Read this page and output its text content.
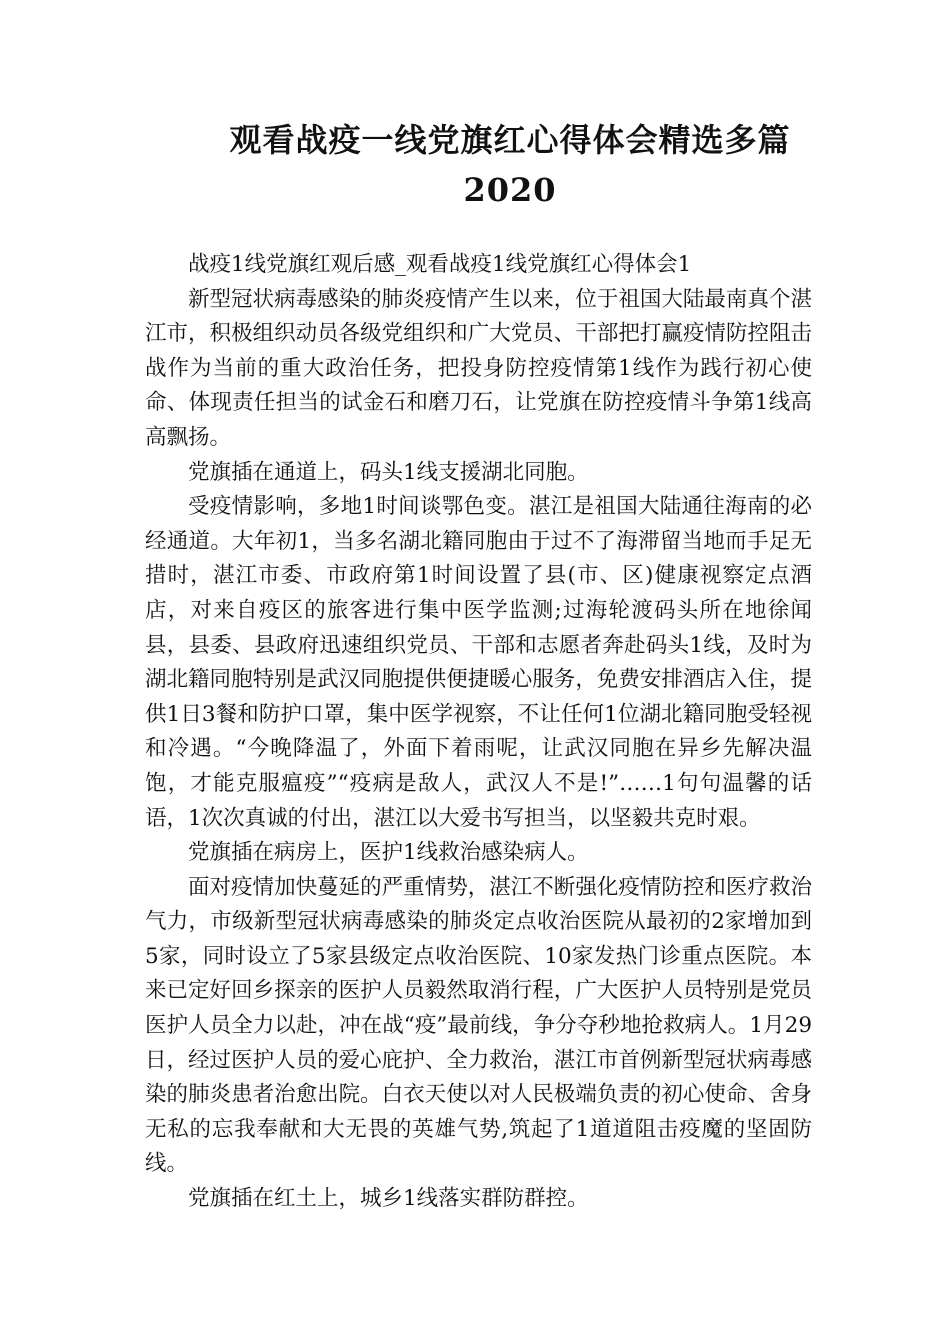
观看战疫一线党旗红心得体会精选多篇
2020

战疫1线党旗红观后感_观看战疫1线党旗红心得体会1

新型冠状病毒感染的肺炎疫情产生以来，位于祖国大陆最南真个湛江市，积极组织动员各级党组织和广大党员、干部把打赢疫情防控阻击战作为当前的重大政治任务，把投身防控疫情第1线作为践行初心使命、体现责任担当的试金石和磨刀石，让党旗在防控疫情斗争第1线高高飘扬。

党旗插在通道上，码头1线支援湖北同胞。

受疫情影响，多地1时间谈鄂色变。湛江是祖国大陆通往海南的必经通道。大年初1，当多名湖北籍同胞由于过不了海滞留当地而手足无措时，湛江市委、市政府第1时间设置了县(市、区)健康视察定点酒店，对来自疫区的旅客进行集中医学监测;过海轮渡码头所在地徐闻县，县委、县政府迅速组织党员、干部和志愿者奔赴码头1线，及时为湖北籍同胞特别是武汉同胞提供便捷暖心服务，免费安排酒店入住，提供1日3餐和防护口罩，集中医学视察，不让任何1位湖北籍同胞受轻视和冷遇。“今晚降温了，外面下着雨呢，让武汉同胞在异乡先解决温饱，才能克服瘟疫”“疫病是敌人，武汉人不是!”……1句句温馨的话语，1次次真诚的付出，湛江以大爱书写担当，以坚毅共克时艰。

党旗插在病房上，医护1线救治感染病人。

面对疫情加快蔓延的严重情势，湛江不断强化疫情防控和医疗救治气力，市级新型冠状病毒感染的肺炎定点收治医院从最初的2家增加到5家，同时设立了5家县级定点收治医院、10家发热门诊重点医院。本来已定好回乡探亲的医护人员毅然取消行程，广大医护人员特别是党员医护人员全力以赴，冲在战“疫”最前线，争分夺秒地抢救病人。1月29日，经过医护人员的爱心庇护、全力救治，湛江市首例新型冠状病毒感染的肺炎患者治愈出院。白衣天使以对人民极端负责的初心使命、舍身无私的忘我奉献和大无畏的英雄气势,筑起了1道道阻击疫魔的坚固防线。

党旗插在红土上，城乡1线落实群防群控。
